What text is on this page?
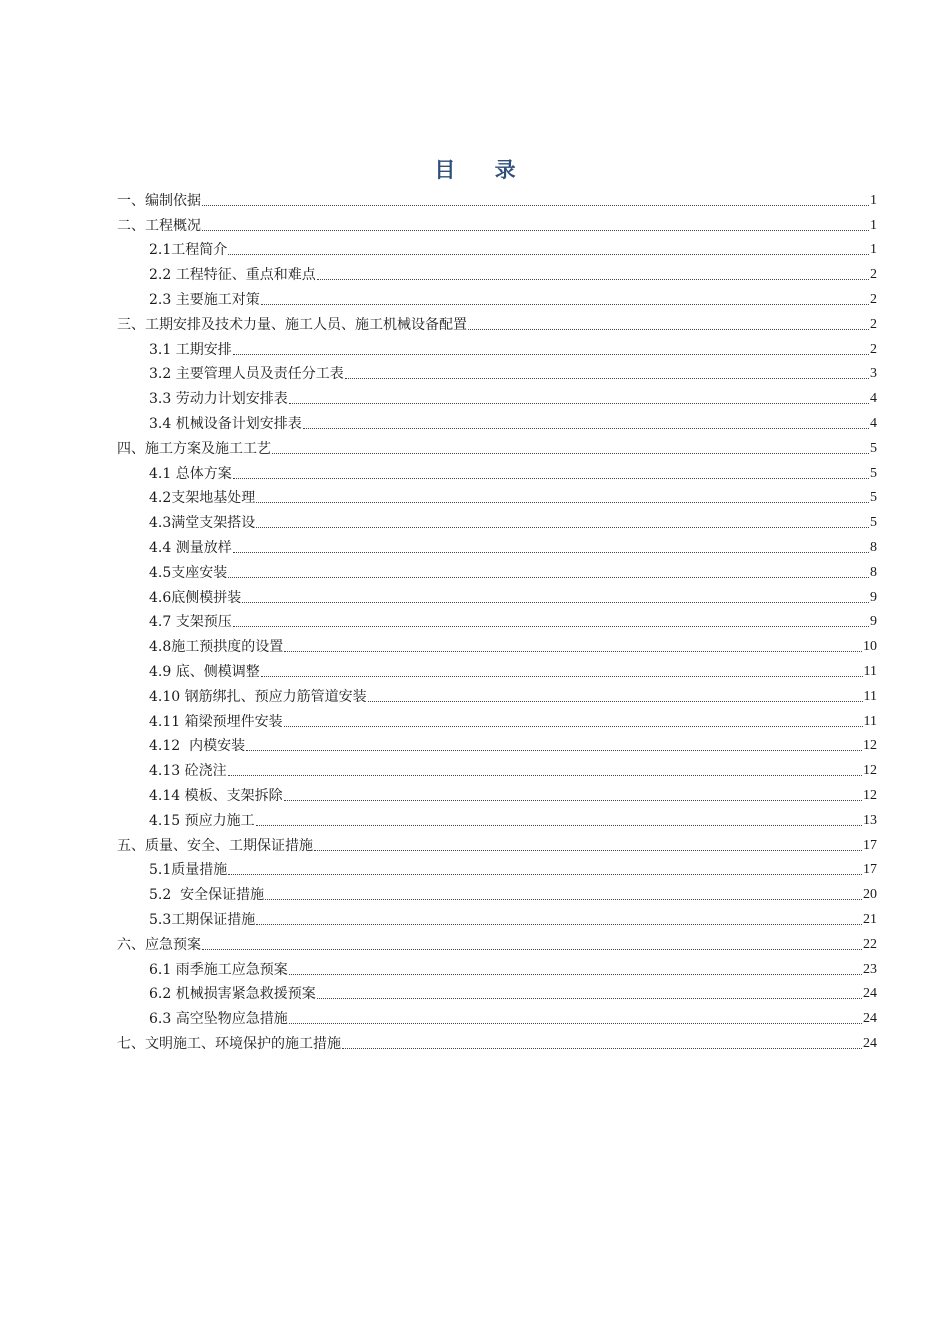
目 录
一、编制依据	1
二、工程概况	1
2.1工程简介	1
2.2 工程特征、重点和难点	2
2.3 主要施工对策	2
三、工期安排及技术力量、施工人员、施工机械设备配置	2
3.1 工期安排	2
3.2 主要管理人员及责任分工表	3
3.3 劳动力计划安排表	4
3.4 机械设备计划安排表	4
四、施工方案及施工工艺	5
4.1 总体方案	5
4.2支架地基处理	5
4.3满堂支架搭设	5
4.4 测量放样	8
4.5支座安装	8
4.6底侧模拼装	9
4.7 支架预压	9
4.8施工预拱度的设置	10
4.9 底、侧模调整	11
4.10 钢筋绑扎、预应力筋管道安装	11
4.11 箱梁预埋件安装	11
4.12  内模安装	12
4.13 砼浇注	12
4.14 模板、支架拆除	12
4.15 预应力施工	13
五、质量、安全、工期保证措施	17
5.1质量措施	17
5.2  安全保证措施	20
5.3工期保证措施	21
六、应急预案	22
6.1 雨季施工应急预案	23
6.2 机械损害紧急救援预案	24
6.3 高空坠物应急措施	24
七、文明施工、环境保护的施工措施	24
